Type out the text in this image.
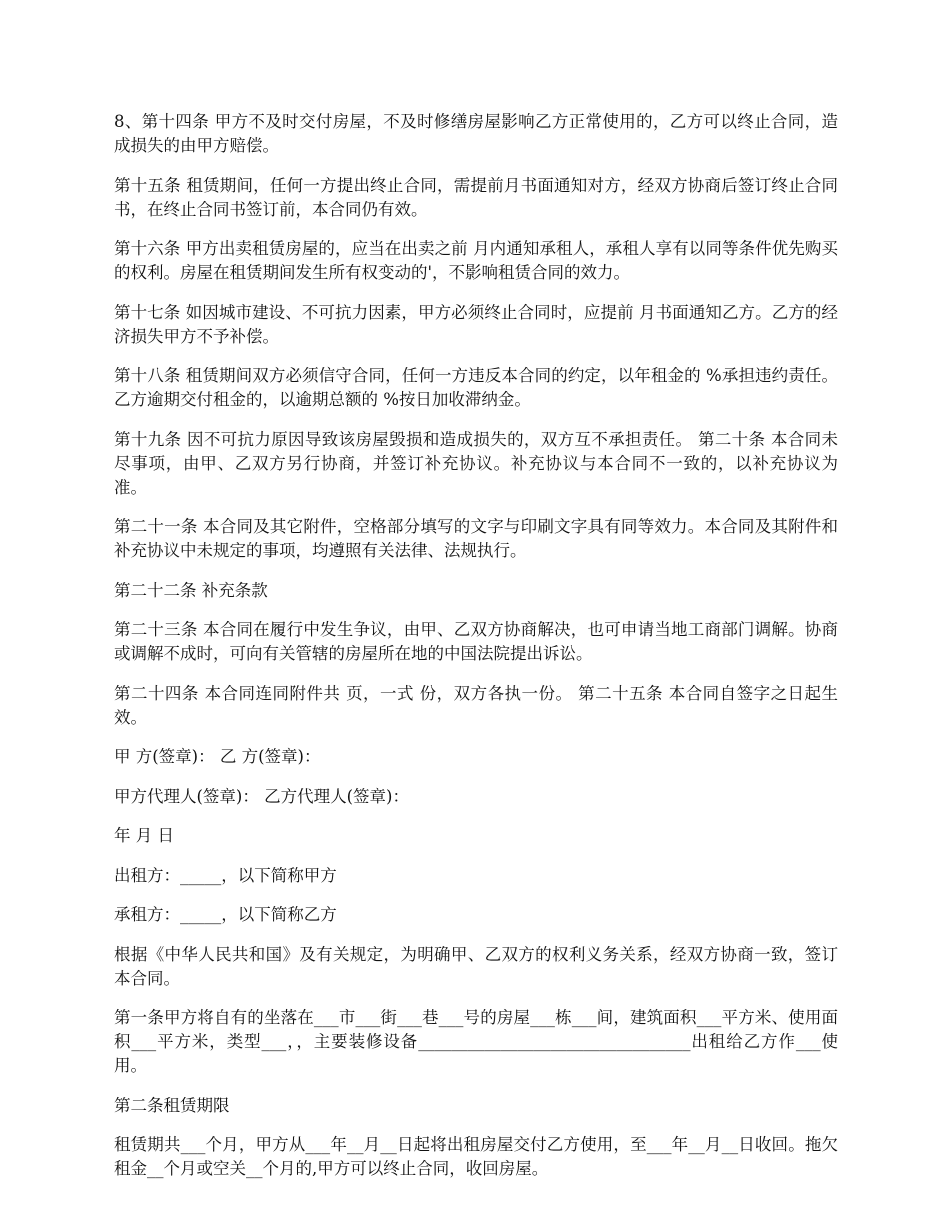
8、第十四条 甲方不及时交付房屋，不及时修缮房屋影响乙方正常使用的，乙方可以终止合同，造成损失的由甲方赔偿。

第十五条 租赁期间，任何一方提出终止合同，需提前月书面通知对方，经双方协商后签订终止合同书，在终止合同书签订前，本合同仍有效。

第十六条 甲方出卖租赁房屋的，应当在出卖之前 月内通知承租人，承租人享有以同等条件优先购买的权利。房屋在租赁期间发生所有权变动的'，不影响租赁合同的效力。

第十七条 如因城市建设、不可抗力因素，甲方必须终止合同时，应提前 月书面通知乙方。乙方的经济损失甲方不予补偿。

第十八条 租赁期间双方必须信守合同，任何一方违反本合同的约定，以年租金的 %承担违约责任。乙方逾期交付租金的，以逾期总额的 %按日加收滞纳金。

第十九条 因不可抗力原因导致该房屋毁损和造成损失的，双方互不承担责任。 第二十条 本合同未尽事项，由甲、乙双方另行协商，并签订补充协议。补充协议与本合同不一致的，以补充协议为准。

第二十一条 本合同及其它附件，空格部分填写的文字与印刷文字具有同等效力。本合同及其附件和补充协议中未规定的事项，均遵照有关法律、法规执行。

第二十二条 补充条款

第二十三条 本合同在履行中发生争议，由甲、乙双方协商解决，也可申请当地工商部门调解。协商或调解不成时，可向有关管辖的房屋所在地的中国法院提出诉讼。

第二十四条 本合同连同附件共 页，一式 份，双方各执一份。 第二十五条 本合同自签字之日起生效。

甲 方(签章)： 乙 方(签章)：

甲方代理人(签章)： 乙方代理人(签章)：

年 月 日

出租方：_____，以下简称甲方

承租方：_____，以下简称乙方

根据《中华人民共和国》及有关规定，为明确甲、乙双方的权利义务关系，经双方协商一致，签订本合同。

第一条甲方将自有的坐落在___市___街___巷___号的房屋___栋___间，建筑面积___平方米、使用面积___平方米，类型___，，主要装修设备_________________________________出租给乙方作___使用。

第二条租赁期限

租赁期共___个月，甲方从___年__月__日起将出租房屋交付乙方使用，至___年__月__日收回。拖欠租金__个月或空关__个月的,甲方可以终止合同，收回房屋。
